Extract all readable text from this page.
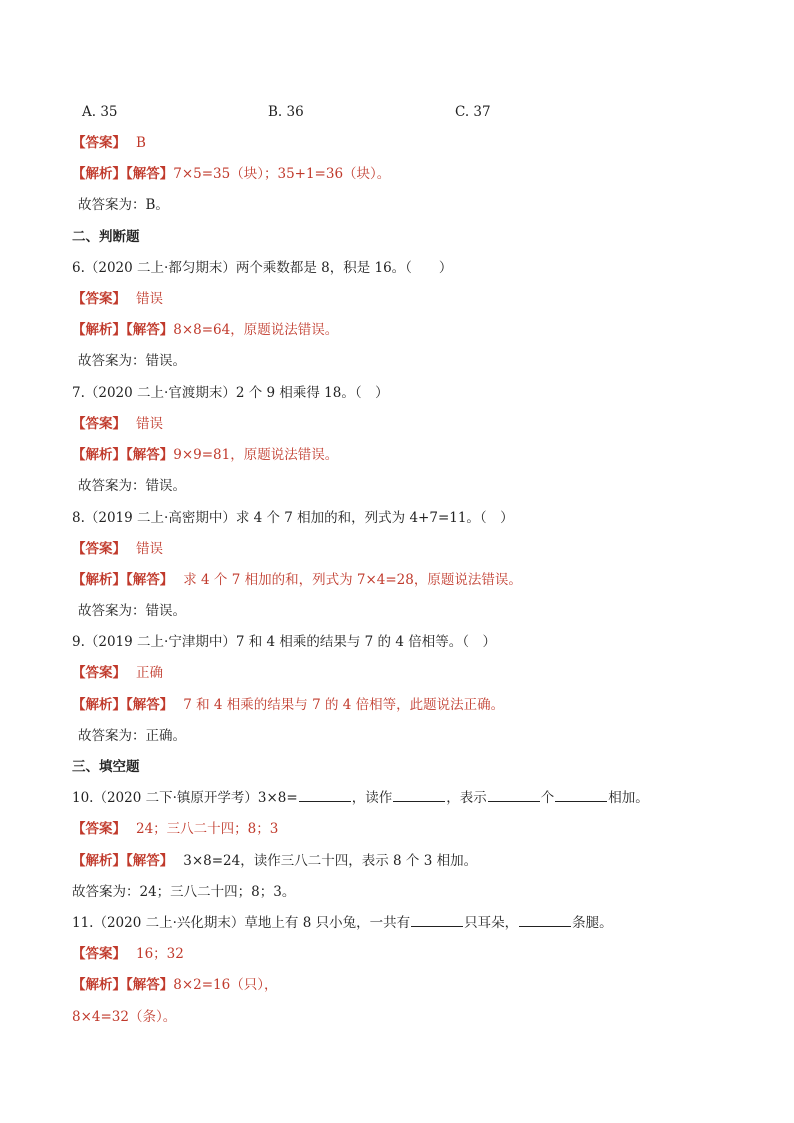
A. 35	B. 36	C. 37
【答案】 B
【解析】【解答】7×5=35（块）；35+1=36（块）。
故答案为：B。
二、判断题
6.（2020 二上·都匀期末）两个乘数都是 8，积是 16。（　　）
【答案】 错误
【解析】【解答】8×8=64，原题说法错误。
故答案为：错误。
7.（2020 二上·官渡期末）2 个 9 相乘得 18。（　）
【答案】 错误
【解析】【解答】9×9=81，原题说法错误。
故答案为：错误。
8.（2019 二上·高密期中）求 4 个 7 相加的和，列式为 4+7=11。（　）
【答案】 错误
【解析】【解答】 求 4 个 7 相加的和，列式为 7×4=28，原题说法错误。
故答案为：错误。
9.（2019 二上·宁津期中）7 和 4 相乘的结果与 7 的 4 倍相等。（　）
【答案】 正确
【解析】【解答】 7 和 4 相乘的结果与 7 的 4 倍相等，此题说法正确。
故答案为：正确。
三、填空题
10.（2020 二下·镇原开学考）3×8=	，读作	，表示	个	相加。
【答案】 24；三八二十四；8；3
【解析】【解答】 3×8=24，读作三八二十四，表示 8 个 3 相加。
故答案为：24；三八二十四；8；3。
11.（2020 二上·兴化期末）草地上有 8 只小兔，一共有	只耳朵，	条腿。
【答案】 16；32
【解析】【解答】8×2=16（只），
8×4=32（条）。
